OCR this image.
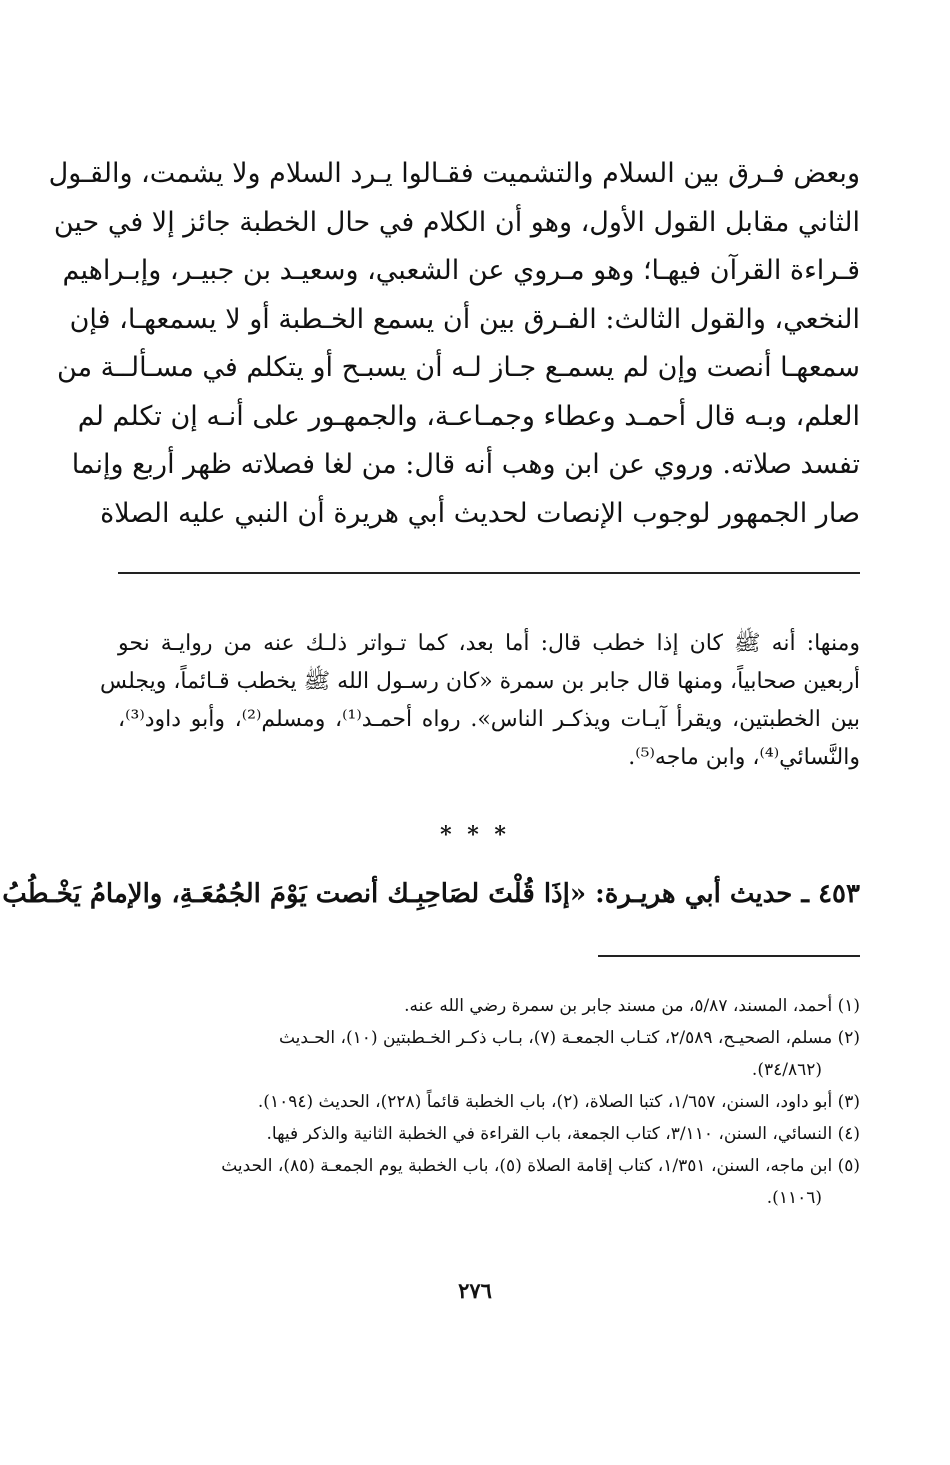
وبعض فـرق بين السلام والتشميت فقـالوا يـرد السلام ولا يشمت، والقـول
الثاني مقابل القول الأول، وهو أن الكلام في حال الخطبة جائز إلا في حين
قـراءة القرآن فيهـا؛ وهو مـروي عن الشعبي، وسعيـد بن جبيـر، وإبـراهيم
النخعي، والقول الثالث: الفـرق بين أن يسمع الخـطبة أو لا يسمعهـا، فإن
سمعهـا أنصت وإن لم يسمـع جـاز لـه أن يسبـح أو يتكلم في مسـألــة من
العلم، وبـه قال أحمـد وعطاء وجمـاعـة، والجمهـور على أنـه إن تكلم لم
تفسد صلاته. وروي عن ابن وهب أنه قال: من لغا فصلاته ظهر أربع وإنما
صار الجمهور لوجوب الإنصات لحديث أبي هريرة أن النبي عليه الصلاة
ومنها: أنه ﷺ كان إذا خطب قال: أما بعد، كما تـواتر ذلـك عنه من روايـة نحو
أربعين صحابياً، ومنها قال جابر بن سمرة «كان رسـول الله ﷺ يخطب قـائماً، ويجلس
بين الخطبتين، ويقرأ آيـات ويذكـر الناس». رواه أحمـد⁽¹⁾، ومسلم⁽²⁾، وأبو داود⁽³⁾،
والنَّسائي⁽⁴⁾، وابن ماجه⁽⁵⁾.
* * *
٤٥٣ ـ حديث أبي هريـرة: «إذَا قُلْتَ لصَاحِبِـك أنصت يَوْمَ الجُمُعَـةِ، والإمامُ يَخْـطُبُ
(١) أحمد، المسند، ٥/٨٧، من مسند جابر بن سمرة رضي الله عنه.
(٢) مسلم، الصحيـح، ٢/٥٨٩، كتـاب الجمعـة (٧)، بـاب ذكـر الخـطبتين (١٠)، الحـديث
(٣٤/٨٦٢).
(٣) أبو داود، السنن، ١/٦٥٧، كتبا الصلاة، (٢)، باب الخطبة قائماً (٢٢٨)، الحديث (١٠٩٤).
(٤) النسائي، السنن، ٣/١١٠، كتاب الجمعة، باب القراءة في الخطبة الثانية والذكر فيها.
(٥) ابن ماجه، السنن، ١/٣٥١، كتاب إقامة الصلاة (٥)، باب الخطبة يوم الجمعـة (٨٥)، الحديث
(١١٠٦).
٢٧٦
